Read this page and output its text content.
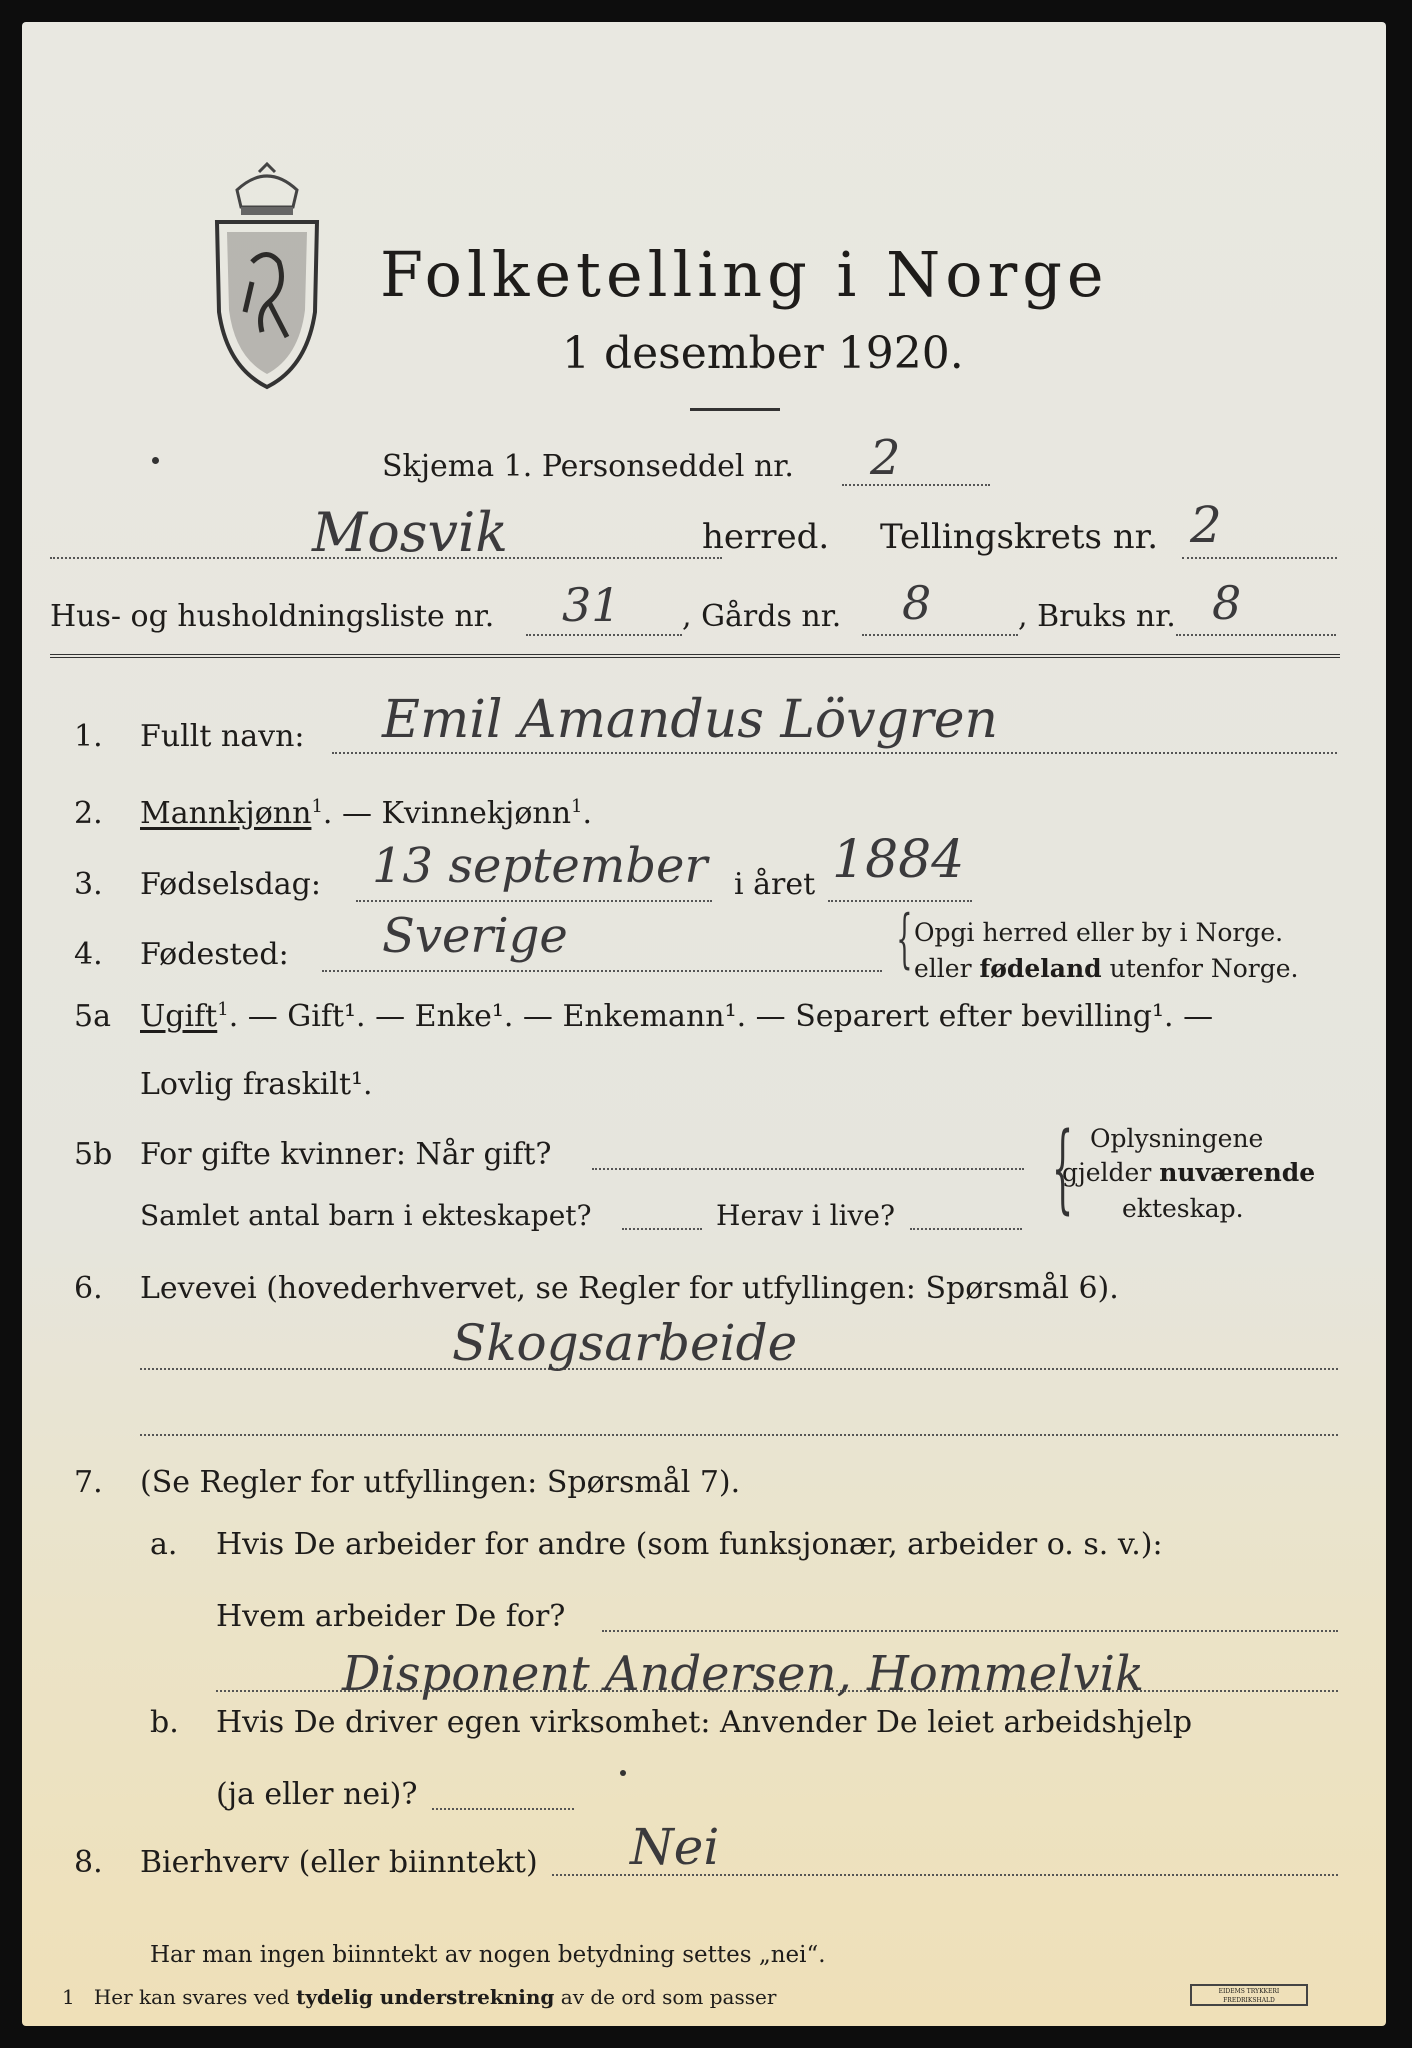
Folketelling i Norge
1 desember 1920.
Skjema 1. Personseddel nr. 2
Mosvik	herred. Tellingskrets nr. 2
Hus- og husholdningsliste nr. 31 , Gårds nr. 8	, Bruks nr. 8
1. Fullt navn: Emil Amandus Lövgren
2. Mannkjønn$^1$. — Kvinnekjønn$^1$.
3. Fødselsdag: 13 september i året 1884
4. Fødested: Sverige	{ Opgi herred eller by i Norge.
eller fødeland utenfor Norge.
5a Ugift$^1$. — Gift¹. — Enke¹. — Enkemann¹. — Separert efter bevilling¹. —
Lovlig fraskilt¹.
5b For gifte kvinner: Når gift?
Samlet antal barn i ekteskapet?	Herav i live? { Oplysningene
gjelder nuværende
ekteskap.
6. Levevei (hovederhvervet, se Regler for utfyllingen: Spørsmål 6).
Skogsarbeide
7. (Se Regler for utfyllingen: Spørsmål 7).
a. Hvis De arbeider for andre (som funksjonær, arbeider o. s. v.):
Hvem arbeider De for?
Disponent Andersen, Hommelvik
b. Hvis De driver egen virksomhet: Anvender De leiet arbeidshjelp
(ja eller nei)?
8. Bierhverv (eller biinntekt) Nei
Har man ingen biinntekt av nogen betydning settes „nei“.
1 Her kan svares ved tydelig understrekning av de ord som passer	EIDEMS TRYKKERI FREDRIKSHALD
